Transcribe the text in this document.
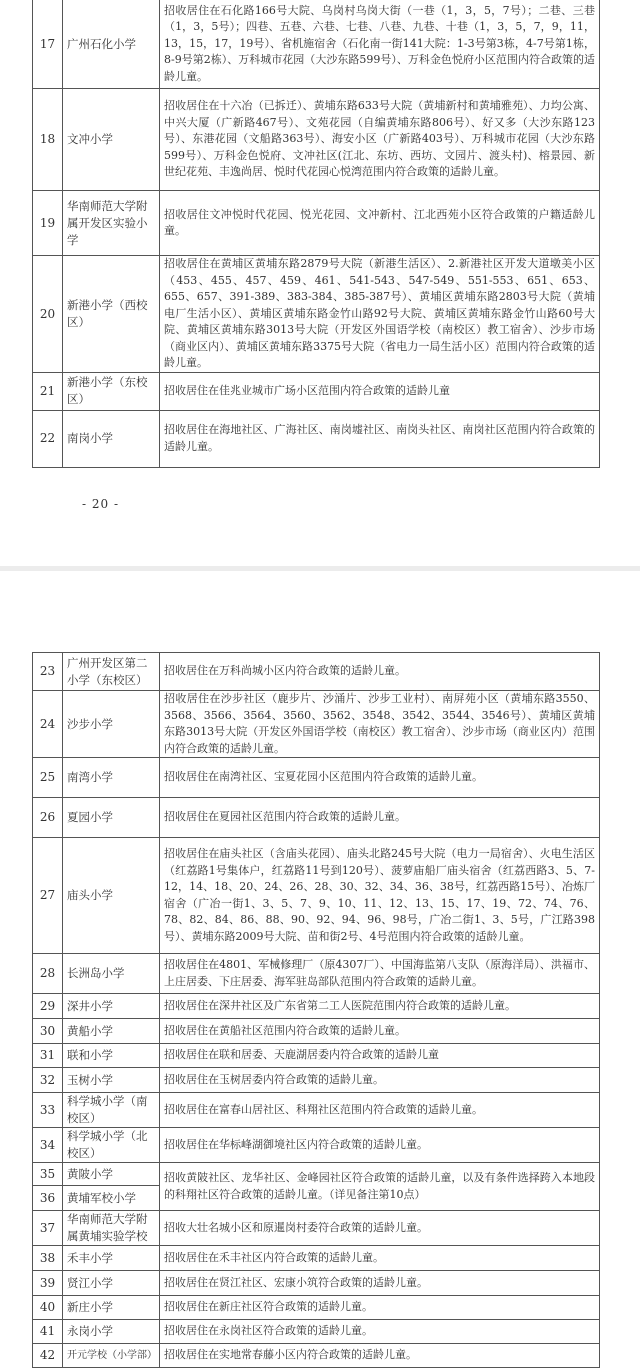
17	广州石化小学	招收居住在石化路166号大院、乌岗村乌岗大街（一巷（1，3，5，7号）；二巷、三巷（1，3，5号）；四巷、五巷、六巷、七巷、八巷、九巷、十巷（1，3，5，7，9，11，13，15，17，19号）、省机施宿舍（石化南一街141大院：1-3号第3栋，4-7号第1栋，8-9号第2栋）、万科城市花园（大沙东路599号）、万科金色悦府小区范围内符合政策的适龄儿童。
18	文冲小学	招收居住在十六冶（已拆迁）、黄埔东路633号大院（黄埔新村和黄埔雅苑）、力均公寓、中兴大厦（广新路467号）、文苑花园（自编黄埔东路806号）、好又多（大沙东路123号）、东港花园（文船路363号）、海安小区（广新路403号）、万科城市花园（大沙东路599号）、万科金色悦府、文冲社区(江北、东坊、西坊、文园片、渡头村)、榕景园、新世纪花苑、丰逸尚居、悦时代花园心悦湾范围内符合政策的适龄儿童。
19	华南师范大学附属开发区实验小学	招收居住文冲悦时代花园、悦光花园、文冲新村、江北西苑小区符合政策的户籍适龄儿童。
20	新港小学（西校区）	招收居住在黄埔区黄埔东路2879号大院（新港生活区）、2.新港社区开发大道墩美小区（453、455、457、459、461、541-543、547-549、551-553、651、653、655、657、391-389、383-384、385-387号）、黄埔区黄埔东路2803号大院（黄埔电厂生活小区）、黄埔区黄埔东路金竹山路92号大院、黄埔区黄埔东路金竹山路60号大院、黄埔区黄埔东路3013号大院（开发区外国语学校（南校区）教工宿舍）、沙步市场（商业区内）、黄埔区黄埔东路3375号大院（省电力一局生活小区）范围内符合政策的适龄儿童。
21	新港小学（东校区）	招收居住在佳兆业城市广场小区范围内符合政策的适龄儿童
22	南岗小学	招收居住在海地社区、广海社区、南岗墟社区、南岗头社区、南岗社区范围内符合政策的适龄儿童。
- 20 -
23	广州开发区第二小学（东校区）	招收居住在万科尚城小区内符合政策的适龄儿童。
24	沙步小学	招收居住在沙步社区（鹿步片、沙涌片、沙步工业村）、南屏苑小区（黄埔东路3550、3568、3566、3564、3560、3562、3548、3542、3544、3546号）、黄埔区黄埔东路3013号大院（开发区外国语学校（南校区）教工宿舍）、沙步市场（商业区内）范围内符合政策的适龄儿童。
25	南湾小学	招收居住在南湾社区、宝夏花园小区范围内符合政策的适龄儿童。
26	夏园小学	招收居住在夏园社区范围内符合政策的适龄儿童。
27	庙头小学	招收居住在庙头社区（含庙头花园）、庙头北路245号大院（电力一局宿舍）、火电生活区（红荔路1号集体户，红荔路11号到120号）、菠萝庙船厂庙头宿舍（红荔西路3、5、7-12，14、18、20、24、26、28、30、32、34、36、38号，红荔西路15号）、冶炼厂宿舍（广冶一街1、3、5、7、9、10、11、12、13、15、17、19、72、74、76、78、82、84、86、88、90、92、94、96、98号，广冶二街1、3、5号，广江路398号）、黄埔东路2009号大院、苗和街2号、4号范围内符合政策的适龄儿童。
28	长洲岛小学	招收居住在4801、军械修理厂（原4307厂）、中国海监第八支队（原海洋局）、洪福市、上庄居委、下庄居委、海军驻岛部队范围内符合政策的适龄儿童。
29	深井小学	招收居住在深井社区及广东省第二工人医院范围内符合政策的适龄儿童。
30	黄船小学	招收居住在黄船社区范围内符合政策的适龄儿童。
31	联和小学	招收居住在联和居委、天鹿湖居委内符合政策的适龄儿童
32	玉树小学	招收居住在玉树居委内符合政策的适龄儿童。
33	科学城小学（南校区）	招收居住在富春山居社区、科翔社区范围内符合政策的适龄儿童。
34	科学城小学（北校区）	招收居住在华标峰湖御境社区内符合政策的适龄儿童。
35	黄陂小学	招收黄陂社区、龙华社区、金峰园社区符合政策的适龄儿童，以及有条件选择跨入本地段的科翔社区符合政策的适龄儿童。（详见备注第10点）
36	黄埔军校小学	
37	华南师范大学附属黄埔实验学校	招收大壮名城小区和原暹岗村委符合政策的适龄儿童。
38	禾丰小学	招收居住在禾丰社区内符合政策的适龄儿童。
39	贤江小学	招收居住在贤江社区、宏康小筑符合政策的适龄儿童。
40	新庄小学	招收居住在新庄社区符合政策的适龄儿童。
41	永岗小学	招收居住在永岗社区符合政策的适龄儿童。
42	开元学校（小学部）	招收居住在实地常春藤小区内符合政策的适龄儿童。
